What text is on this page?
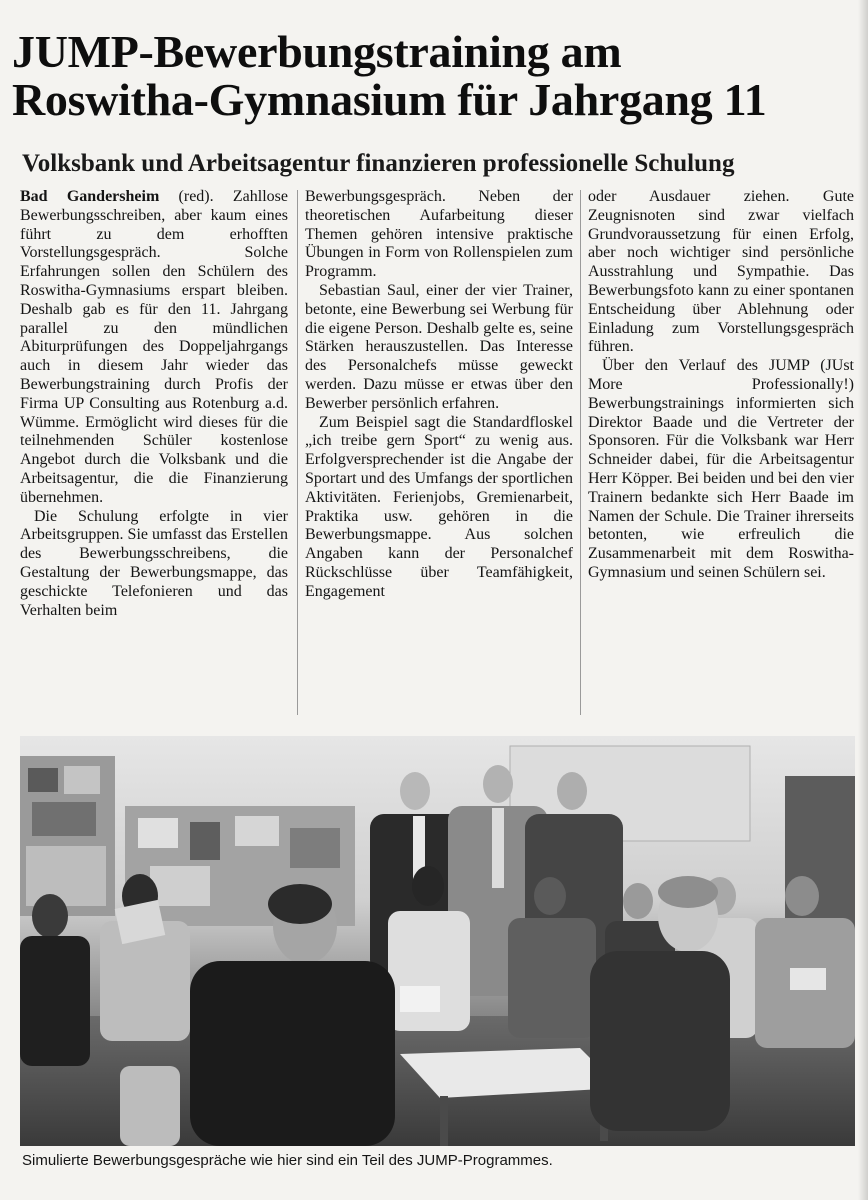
JUMP-Bewerbungstraining am
Roswitha-Gymnasium für Jahrgang 11
Volksbank und Arbeitsagentur finanzieren professionelle Schulung

Bad Gandersheim (red). Zahllose Bewerbungsschreiben, aber kaum eines führt zu dem erhofften Vorstellungsgespräch. Solche Erfahrungen sollen den Schülern des Roswitha-Gymnasiums erspart bleiben. Deshalb gab es für den 11. Jahrgang parallel zu den mündlichen Abiturprüfungen des Doppeljahrgangs auch in diesem Jahr wieder das Bewerbungstraining durch Profis der Firma UP Consulting aus Rotenburg a.d. Wümme. Ermöglicht wird dieses für die teilnehmenden Schüler kostenlose Angebot durch die Volksbank und die Arbeitsagentur, die die Finanzierung übernehmen.

Die Schulung erfolgte in vier Arbeitsgruppen. Sie umfasst das Erstellen des Bewerbungsschreibens, die Gestaltung der Bewerbungsmappe, das geschickte Telefonieren und das Verhalten beim

Bewerbungsgespräch. Neben der theoretischen Aufarbeitung dieser Themen gehören intensive praktische Übungen in Form von Rollenspielen zum Programm.

Sebastian Saul, einer der vier Trainer, betonte, eine Bewerbung sei Werbung für die eigene Person. Deshalb gelte es, seine Stärken herauszustellen. Das Interesse des Personalchefs müsse geweckt werden. Dazu müsse er etwas über den Bewerber persönlich erfahren.

Zum Beispiel sagt die Standardfloskel „ich treibe gern Sport“ zu wenig aus. Erfolgversprechender ist die Angabe der Sportart und des Umfangs der sportlichen Aktivitäten. Ferienjobs, Gremienarbeit, Praktika usw. gehören in die Bewerbungsmappe. Aus solchen Angaben kann der Personalchef Rückschlüsse über Teamfähigkeit, Engagement

oder Ausdauer ziehen. Gute Zeugnisnoten sind zwar vielfach Grundvoraussetzung für einen Erfolg, aber noch wichtiger sind persönliche Ausstrahlung und Sympathie. Das Bewerbungsfoto kann zu einer spontanen Entscheidung über Ablehnung oder Einladung zum Vorstellungsgespräch führen.

Über den Verlauf des JUMP (JUst More Professionally!) Bewerbungstrainings informierten sich Direktor Baade und die Vertreter der Sponsoren. Für die Volksbank war Herr Schneider dabei, für die Arbeitsagentur Herr Köpper. Bei beiden und bei den vier Trainern bedankte sich Herr Baade im Namen der Schule. Die Trainer ihrerseits betonten, wie erfreulich die Zusammenarbeit mit dem Roswitha-Gymnasium und seinen Schülern sei.

Simulierte Bewerbungsgespräche wie hier sind ein Teil des JUMP-Programmes.
